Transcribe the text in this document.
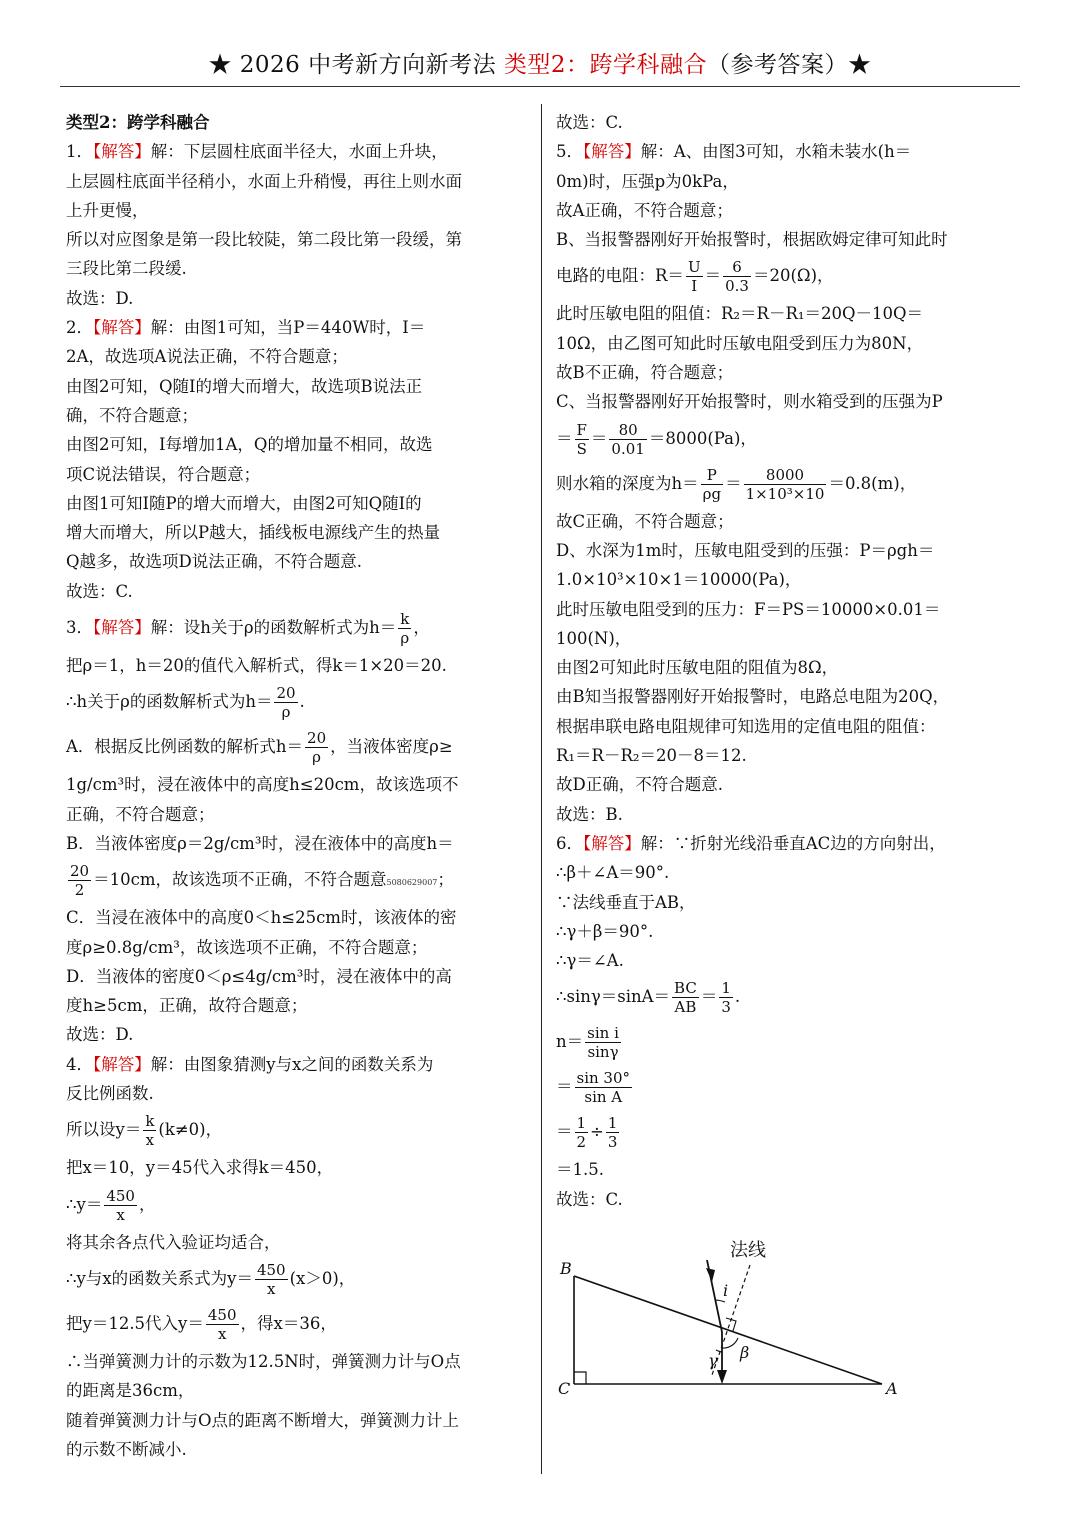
★ 2026 中考新方向新考法 类型2：跨学科融合（参考答案）★
类型2：跨学科融合
1．【解答】解：下层圆柱底面半径大，水面上升块，
上层圆柱底面半径稍小，水面上升稍慢，再往上则水面
上升更慢，
所以对应图象是第一段比较陡，第二段比第一段缓，第
三段比第二段缓.
故选：D.
2．【解答】解：由图1可知，当P＝440W时，I＝
2A，故选项A说法正确，不符合题意；
由图2可知，Q随I的增大而增大，故选项B说法正
确，不符合题意；
由图2可知，I每增加1A，Q的增加量不相同，故选
项C说法错误，符合题意；
由图1可知I随P的增大而增大，由图2可知Q随I的
增大而增大，所以P越大，插线板电源线产生的热量
Q越多，故选项D说法正确，不符合题意.
故选：C.
3．【解答】解：设h关于ρ的函数解析式为$h= \frac{k}{\rho}$ ，
把ρ＝1，h＝20的值代入解析式，得k＝1×20＝20.
∴h关于ρ的函数解析式为$h= \frac{20}{\rho}$ .
A．根据反比例函数的解析式$h= \frac{20}{\rho}$ ，当液体密度ρ≥
1g/cm³时，浸在液体中的高度h≤20cm，故该选项不
正确，不符合题意；
B．当液体密度ρ＝2g/cm³时，浸在液体中的高度h＝
$\frac{20}{2} =10cm$，故该选项不正确，不符合题意5080629007；
C．当浸在液体中的高度0＜h≤25cm时，该液体的密
度ρ≥0.8g/cm³，故该选项不正确，不符合题意；
D．当液体的密度0＜ρ≤4g/cm³时，浸在液体中的高
度h≥5cm，正确，故符合题意；
故选：D.
4．【解答】解：由图象猜测y与x之间的函数关系为
反比例函数.
所以设$y= \frac{k}{x} (k\ne 0)$，
把x＝10，y＝45代入求得k＝450，
∴y＝ $\frac{450}{x}$ ，
将其余各点代入验证均适合，
∴y与x的函数关系式为$y= \frac{450}{x} (x>0)$，
把y＝12.5代入$y= \frac{450}{x}$ ，得x＝36，
∴当弹簧测力计的示数为12.5N时，弹簧测力计与O点
的距离是36cm，
随着弹簧测力计与O点的距离不断增大，弹簧测力计上
的示数不断减小.
故选：C.
5．【解答】解：A、由图3可知，水箱未装水(h＝
0m)时，压强p为0kPa，
故A正确，不符合题意；
B、当报警器刚好开始报警时，根据欧姆定律可知此时
电路的电阻：$R= \frac{U}{I} = \frac{6}{0.3} =20(\Omega)$，
此时压敏电阻的阻值：R₂＝R－R₁＝20Q－10Q＝
10Ω，由乙图可知此时压敏电阻受到压力为80N，
故B不正确，符合题意；
C、当报警器刚好开始报警时，则水箱受到的压强为P
＝ $\frac{F}{S} = \frac{80}{0.01} =8000(Pa)$，
则水箱的深度为$h= \frac{P}{\rho g} = \frac{8000}{\text{1×10³×10}} =0.8(m)$，
故C正确，不符合题意；
D、水深为1m时，压敏电阻受到的压强：P＝ρgh＝
1.0×10³×10×1＝10000(Pa)，
此时压敏电阻受到的压力：F＝PS＝10000×0.01＝
100(N)，
由图2可知此时压敏电阻的阻值为8Ω，
由B知当报警器刚好开始报警时，电路总电阻为20Q，
根据串联电路电阻规律可知选用的定值电阻的阻值：
R₁＝R－R₂＝20－8＝12.
故D正确，不符合题意.
故选：B.
6．【解答】解：∵折射光线沿垂直AC边的方向射出，
∴β＋∠A＝90°.
∵法线垂直于AB，
∴γ＋β＝90°.
∴γ＝∠A.
∴sinγ＝sinA＝ $\frac{BC}{AB} = \frac{1}{3}$ .
$n= \frac{\text{sin i}}{\sin\gamma}$
＝ $\frac{\sin 30^\circ}{\text{sin A}}$
＝ $\frac{1}{2} \div \frac{1}{3}$
＝1.5.
故选：C.
B
C	A
法线
i
β
γ
